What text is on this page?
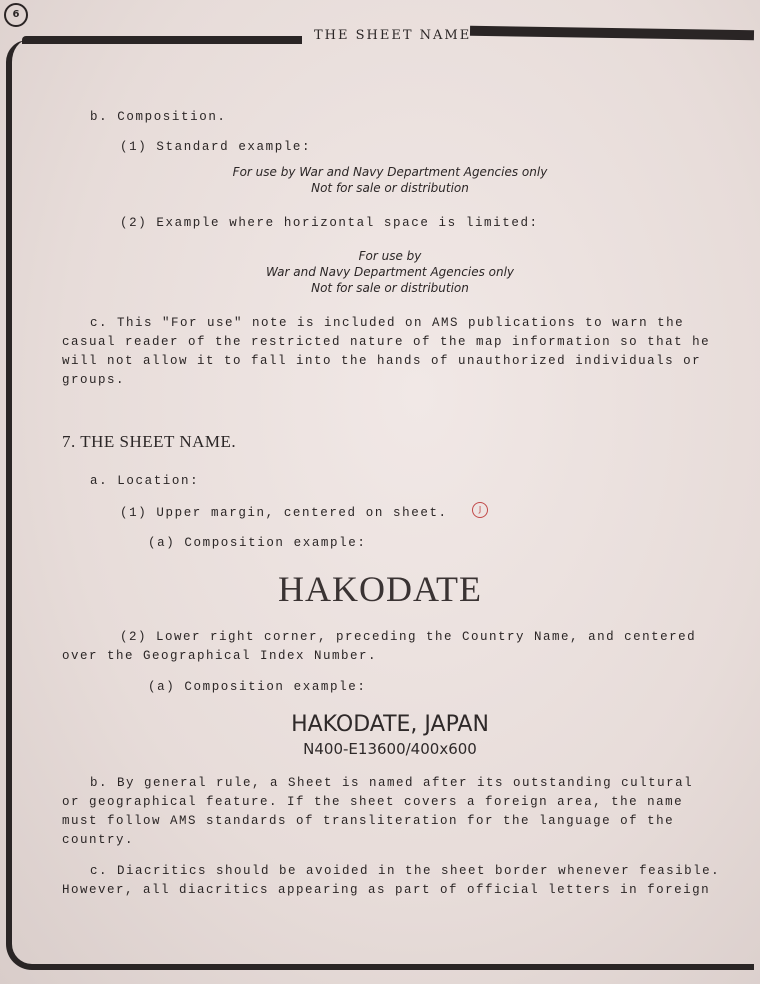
6
THE SHEET NAME
b. Composition.
(1) Standard example:
For use by War and Navy Department Agencies only
Not for sale or distribution
(2) Example where horizontal space is limited:
For use by
War and Navy Department Agencies only
Not for sale or distribution
c. This "For use" note is included on AMS publications to warn the
casual reader of the restricted nature of the map information so that he
will not allow it to fall into the hands of unauthorized individuals or
groups.
7. THE SHEET NAME.
a. Location:
(1) Upper margin, centered on sheet.	J
(a) Composition example:
HAKODATE
(2) Lower right corner, preceding the Country Name, and centered
over the Geographical Index Number.
(a) Composition example:
HAKODATE, JAPAN
N400-E13600/400x600
b. By general rule, a Sheet is named after its outstanding cultural
or geographical feature. If the sheet covers a foreign area, the name
must follow AMS standards of transliteration for the language of the
country.
c. Diacritics should be avoided in the sheet border whenever feasible.
However, all diacritics appearing as part of official letters in foreign
